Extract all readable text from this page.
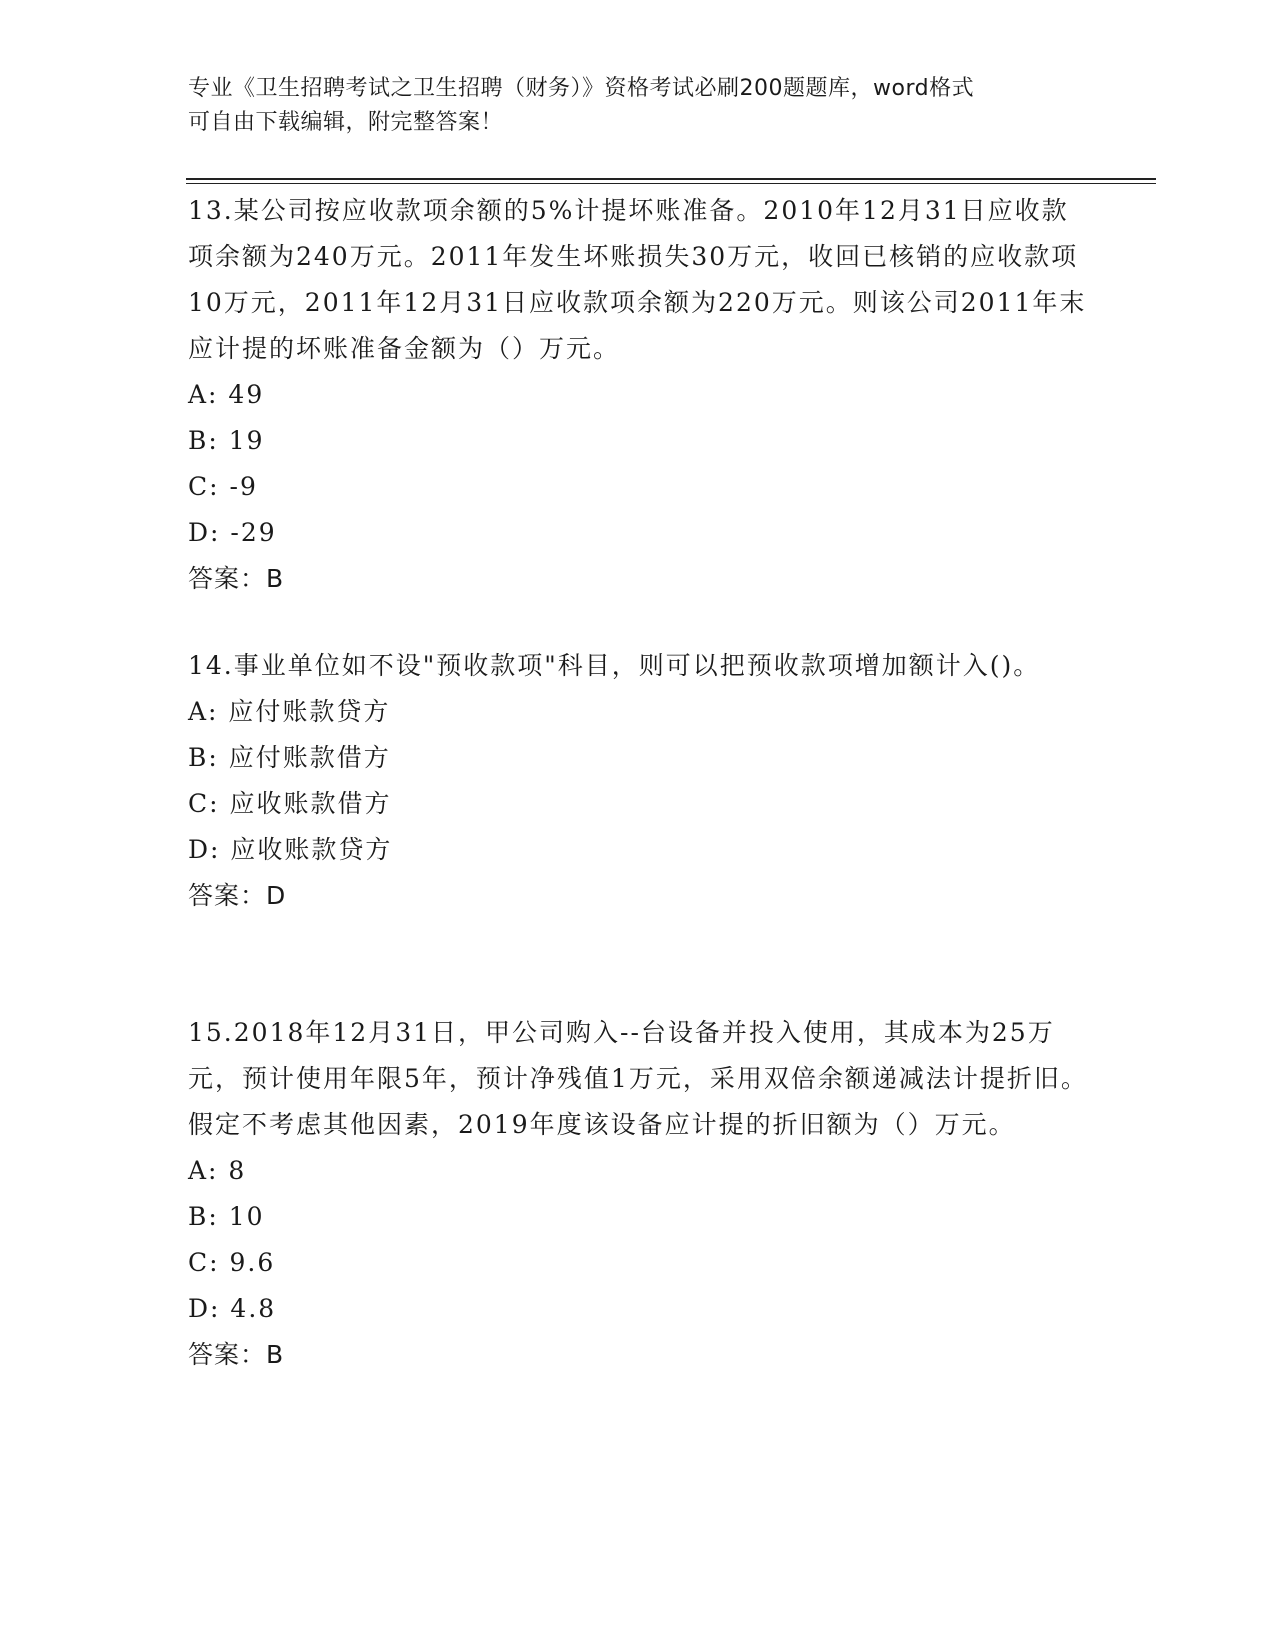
专业《卫生招聘考试之卫生招聘（财务）》资格考试必刷200题题库，word格式

可自由下载编辑，附完整答案！

13.某公司按应收款项余额的5%计提坏账准备。2010年12月31日应收款项余额为240万元。2011年发生坏账损失30万元，收回已核销的应收款项10万元，2011年12月31日应收款项余额为220万元。则该公司2011年末应计提的坏账准备金额为（）万元。

A: 49
B: 19
C: -9
D: -29

答案：B

14.事业单位如不设"预收款项"科目，则可以把预收款项增加额计入()。

A: 应付账款贷方
B: 应付账款借方
C: 应收账款借方
D: 应收账款贷方

答案：D

15.2018年12月31日，甲公司购入--台设备并投入使用，其成本为25万元，预计使用年限5年，预计净残值1万元，采用双倍余额递减法计提折旧。假定不考虑其他因素，2019年度该设备应计提的折旧额为（）万元。

A: 8
B: 10
C: 9.6
D: 4.8

答案：B
